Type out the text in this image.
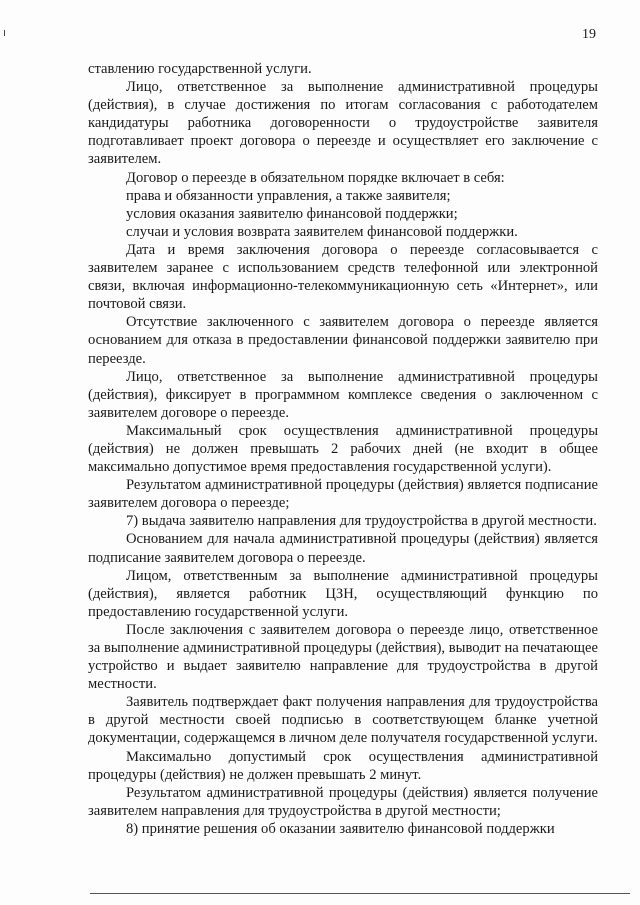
19

ставлению государственной услуги.

Лицо, ответственное за выполнение административной процедуры (действия), в случае достижения по итогам согласования с работодателем кандидатуры работника договоренности о трудоустройстве заявителя подготавливает проект договора о переезде и осуществляет его заключение с заявителем.

Договор о переезде в обязательном порядке включает в себя:

права и обязанности управления, а также заявителя;

условия оказания заявителю финансовой поддержки;

случаи и условия возврата заявителем финансовой поддержки.

Дата и время заключения договора о переезде согласовывается с заявителем заранее с использованием средств телефонной или электронной связи, включая информационно-телекоммуникационную сеть «Интернет», или почтовой связи.

Отсутствие заключенного с заявителем договора о переезде является основанием для отказа в предоставлении финансовой поддержки заявителю при переезде.

Лицо, ответственное за выполнение административной процедуры (действия), фиксирует в программном комплексе сведения о заключенном с заявителем договоре о переезде.

Максимальный срок осуществления административной процедуры (действия) не должен превышать 2 рабочих дней (не входит в общее максимально допустимое время предоставления государственной услуги).

Результатом административной процедуры (действия) является подписание заявителем договора о переезде;

7) выдача заявителю направления для трудоустройства в другой местности.

Основанием для начала административной процедуры (действия) является подписание заявителем договора о переезде.

Лицом, ответственным за выполнение административной процедуры (действия), является работник ЦЗН, осуществляющий функцию по предоставлению государственной услуги.

После заключения с заявителем договора о переезде лицо, ответственное за выполнение административной процедуры (действия), выводит на печатающее устройство и выдает заявителю направление для трудоустройства в другой местности.

Заявитель подтверждает факт получения направления для трудоустройства в другой местности своей подписью в соответствующем бланке учетной документации, содержащемся в личном деле получателя государственной услуги.

Максимально допустимый срок осуществления административной процедуры (действия) не должен превышать 2 минут.

Результатом административной процедуры (действия) является получение заявителем направления для трудоустройства в другой местности;

8) принятие решения об оказании заявителю финансовой поддержки
